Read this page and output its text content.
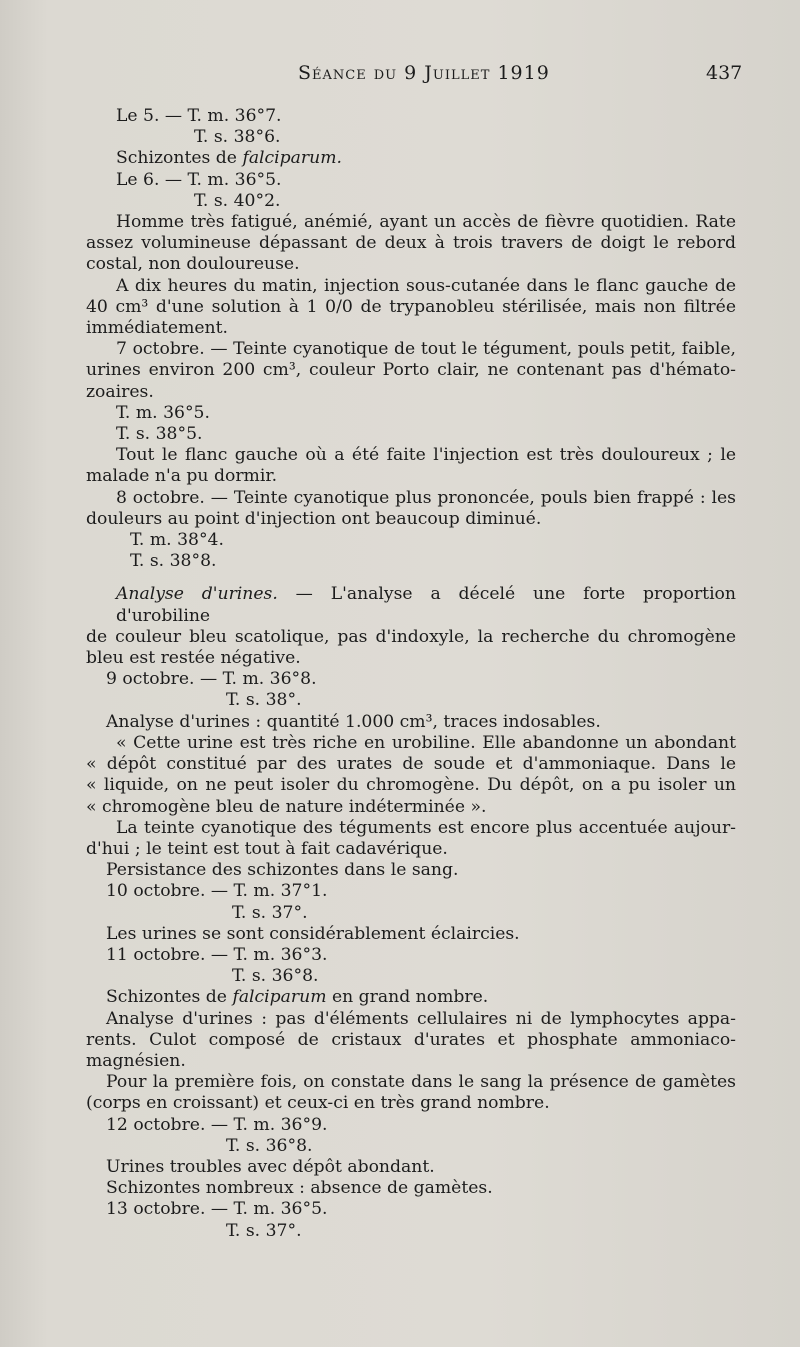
Séance du 9 Juillet 1919	437
Le 5. — T. m. 36°7.
T. s. 38°6.
Schizontes de falciparum.
Le 6. — T. m. 36°5.
T. s. 40°2.
Homme très fatigué, anémié, ayant un accès de fièvre quotidien. Rate
assez volumineuse dépassant de deux à trois travers de doigt le rebord
costal, non douloureuse.
A dix heures du matin, injection sous-cutanée dans le flanc gauche de
40 cm³ d'une solution à 1 0/0 de trypanobleu stérilisée, mais non filtrée
immédiatement.
7 octobre. — Teinte cyanotique de tout le tégument, pouls petit, faible,
urines environ 200 cm³, couleur Porto clair, ne contenant pas d'hémato-
zoaires.
T. m. 36°5.
T. s. 38°5.
Tout le flanc gauche où a été faite l'injection est très douloureux ; le
malade n'a pu dormir.
8 octobre. — Teinte cyanotique plus prononcée, pouls bien frappé : les
douleurs au point d'injection ont beaucoup diminué.
T. m. 38°4.
T. s. 38°8.
Analyse d'urines. — L'analyse a décelé une forte proportion d'urobiline
de couleur bleu scatolique, pas d'indoxyle, la recherche du chromogène
bleu est restée négative.
9 octobre. — T. m. 36°8.
T. s. 38°.
Analyse d'urines : quantité 1.000 cm³, traces indosables.
« Cette urine est très riche en urobiline. Elle abandonne un abondant
« dépôt constitué par des urates de soude et d'ammoniaque. Dans le
« liquide, on ne peut isoler du chromogène. Du dépôt, on a pu isoler un
« chromogène bleu de nature indéterminée ».
La teinte cyanotique des téguments est encore plus accentuée aujour-
d'hui ; le teint est tout à fait cadavérique.
Persistance des schizontes dans le sang.
10 octobre. — T. m. 37°1.
T. s. 37°.
Les urines se sont considérablement éclaircies.
11 octobre. — T. m. 36°3.
T. s. 36°8.
Schizontes de falciparum en grand nombre.
Analyse d'urines : pas d'éléments cellulaires ni de lymphocytes appa-
rents. Culot composé de cristaux d'urates et phosphate ammoniaco-
magnésien.
Pour la première fois, on constate dans le sang la présence de gamètes
(corps en croissant) et ceux-ci en très grand nombre.
12 octobre. — T. m. 36°9.
T. s. 36°8.
Urines troubles avec dépôt abondant.
Schizontes nombreux : absence de gamètes.
13 octobre. — T. m. 36°5.
T. s. 37°.
